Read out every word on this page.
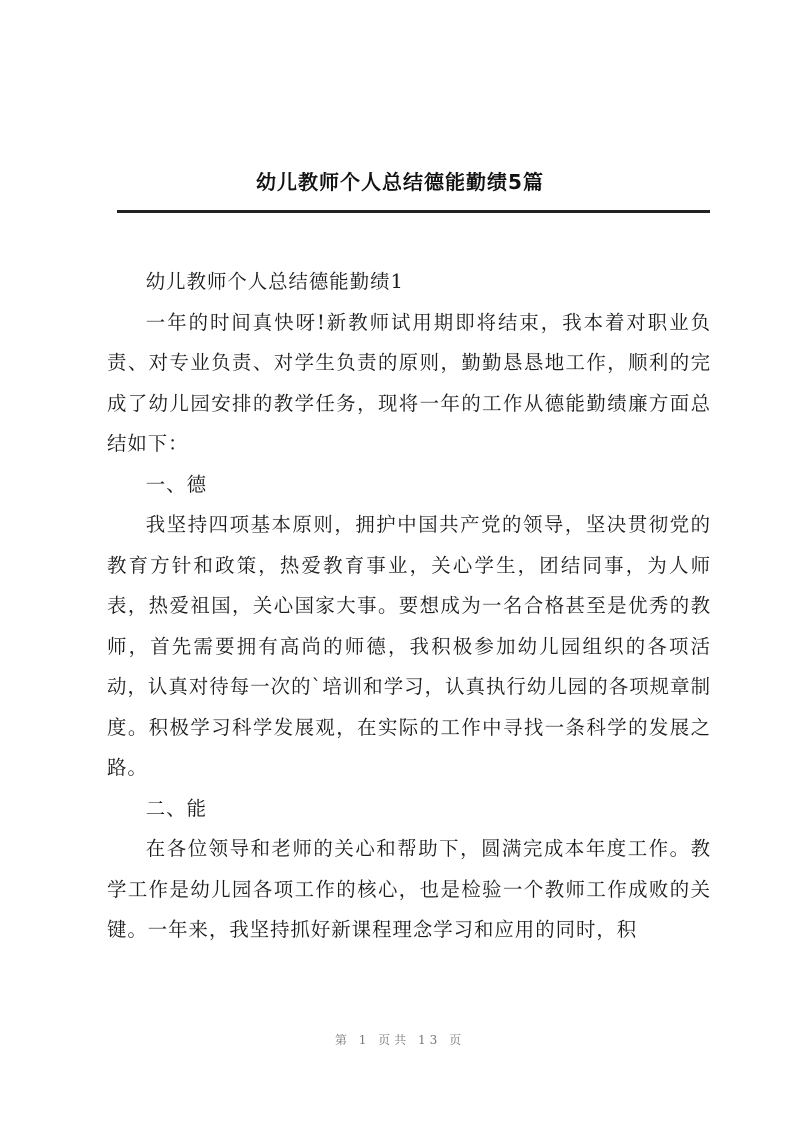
幼儿教师个人总结德能勤绩5篇

幼儿教师个人总结德能勤绩1

一年的时间真快呀!新教师试用期即将结束，我本着对职业负责、对专业负责、对学生负责的原则，勤勤恳恳地工作，顺利的完成了幼儿园安排的教学任务，现将一年的工作从德能勤绩廉方面总结如下：

一、德

我坚持四项基本原则，拥护中国共产党的领导，坚决贯彻党的教育方针和政策，热爱教育事业，关心学生，团结同事，为人师表，热爱祖国，关心国家大事。要想成为一名合格甚至是优秀的教师，首先需要拥有高尚的师德，我积极参加幼儿园组织的各项活动，认真对待每一次的`培训和学习，认真执行幼儿园的各项规章制度。积极学习科学发展观，在实际的工作中寻找一条科学的发展之路。

二、能

在各位领导和老师的关心和帮助下，圆满完成本年度工作。教学工作是幼儿园各项工作的核心，也是检验一个教师工作成败的关键。一年来，我坚持抓好新课程理念学习和应用的同时，积

第 1 页共 13 页
